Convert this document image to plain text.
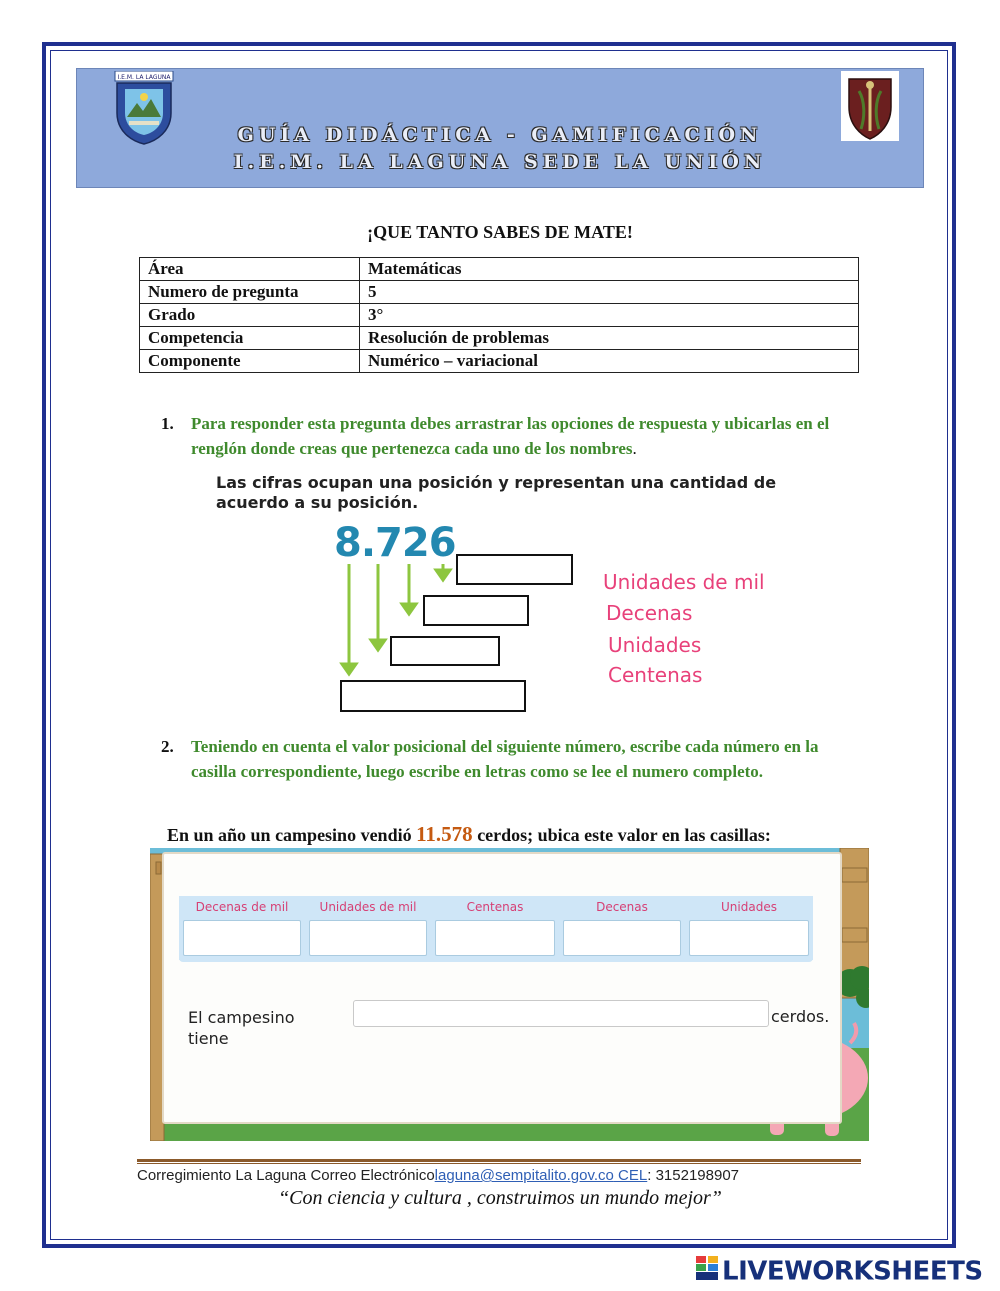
I.E.M. LA LAGUNA
GUÍA DIDÁCTICA - GAMIFICACIÓN
I.E.M. LA LAGUNA SEDE LA UNIÓN
¡QUE TANTO SABES DE MATE!
Área	Matemáticas
Numero de pregunta	5
Grado	3°
Competencia	Resolución de problemas
Componente	Numérico – variacional
1. Para responder esta pregunta debes arrastrar las opciones de respuesta y ubicarlas en el renglón donde creas que pertenezca cada uno de los nombres.
Las cifras ocupan una posición y representan una cantidad de acuerdo a su posición.
8.726
Unidades de mil
Decenas
Unidades
Centenas
2. Teniendo en cuenta el valor posicional del siguiente número, escribe cada número en la casilla correspondiente, luego escribe en letras como se lee el numero completo.
En un año un campesino vendió 11.578 cerdos; ubica este valor en las casillas:
Decenas de mil	Unidades de mil	Centenas	Decenas	Unidades
El campesino tiene
cerdos.
Corregimiento La Laguna Correo Electrónicolaguna@sempitalito.gov.co CEL: 3152198907
“Con ciencia y cultura , construimos un mundo mejor”
LIVEWORKSHEETS
